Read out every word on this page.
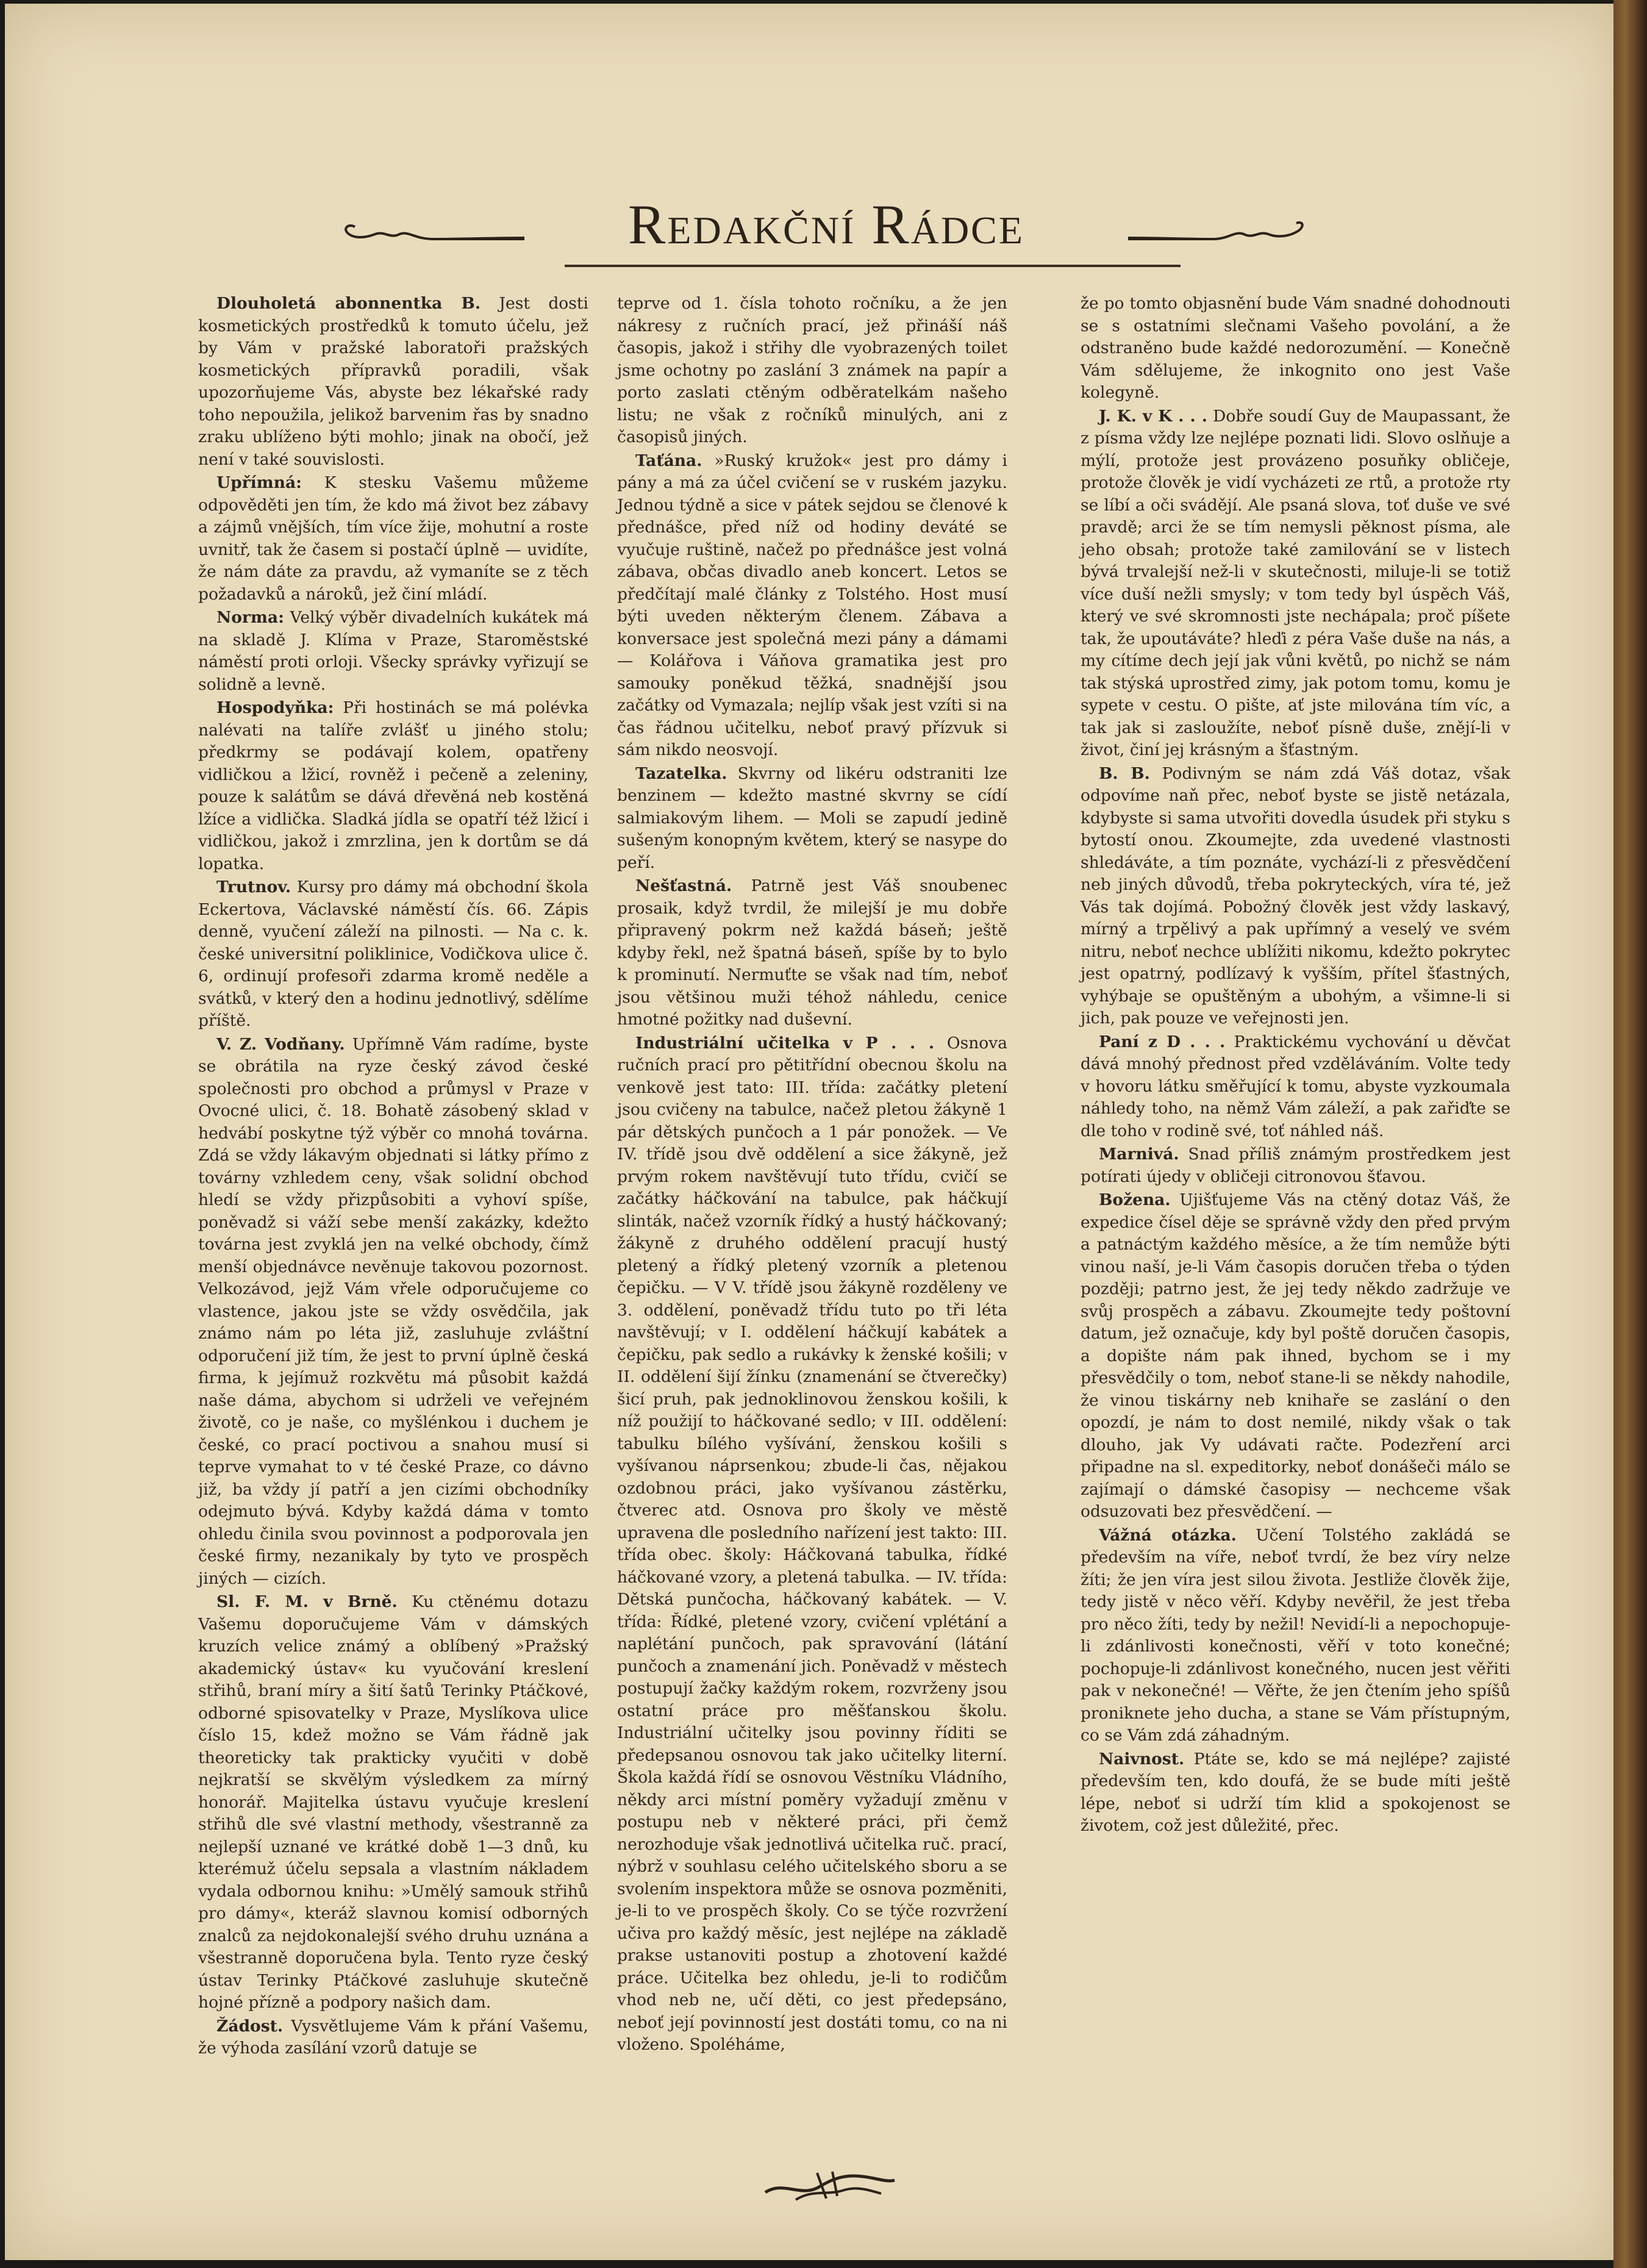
Redakční Rádce

Dlouholetá abonnentka B. Jest dosti kosmetických prostředků k tomuto účelu, jež by Vám v pražské laboratoři pražských kosmetických přípravků poradili, však upozorňujeme Vás, abyste bez lékařské rady toho nepoužila, jelikož barvenim řas by snadno zraku ublíženo býti mohlo; jinak na obočí, jež není v také souvislosti.

Upřímná: K stesku Vašemu můžeme odpověděti jen tím, že kdo má život bez zábavy a zájmů vnějších, tím více žije, mohutní a roste uvnitř, tak že časem si postačí úplně — uvidíte, že nám dáte za pravdu, až vymaníte se z těch požadavků a nároků, jež činí mládí.

Norma: Velký výběr divadelních kukátek má na skladě J. Klíma v Praze, Staroměstské náměstí proti orloji. Všecky správky vyřizují se solidně a levně.

Hospodyňka: Při hostinách se má polévka nalévati na talíře zvlášť u jiného stolu; předkrmy se podávají kolem, opatřeny vidličkou a lžicí, rovněž i pečeně a zeleniny, pouze k salátům se dává dřevěná neb kostěná lžíce a vidlička. Sladká jídla se opatří též lžicí i vidličkou, jakož i zmrzlina, jen k dortům se dá lopatka.

Trutnov. Kursy pro dámy má obchodní škola Eckertova, Václavské náměstí čís. 66. Zápis denně, vyučení záleží na pilnosti. — Na c. k. české universitní poliklinice, Vodičkova ulice č. 6, ordinují profesoři zdarma kromě neděle a svátků, v který den a hodinu jednotlivý, sdělíme příště.

V. Z. Vodňany. Upřímně Vám radíme, byste se obrátila na ryze český závod české společnosti pro obchod a průmysl v Praze v Ovocné ulici, č. 18. Bohatě zásobený sklad v hedvábí poskytne týž výběr co mnohá továrna. Zdá se vždy lákavým objednati si látky přímo z továrny vzhledem ceny, však solidní obchod hledí se vždy přizpůsobiti a vyhoví spíše, poněvadž si váží sebe menší zakázky, kdežto továrna jest zvyklá jen na velké obchody, čímž menší objednávce nevěnuje takovou pozornost. Velkozávod, jejž Vám vřele odporučujeme co vlastence, jakou jste se vždy osvědčila, jak známo nám po léta již, zasluhuje zvláštní odporučení již tím, že jest to první úplně česká firma, k jejímuž rozkvětu má působit každá naše dáma, abychom si udrželi ve veřejném životě, co je naše, co myšlénkou i duchem je české, co prací poctivou a snahou musí si teprve vymahat to v té české Praze, co dávno již, ba vždy jí patří a jen cizími obchodníky odejmuto bývá. Kdyby každá dáma v tomto ohledu činila svou povinnost a podporovala jen české firmy, nezanikaly by tyto ve prospěch jiných — cizích.

Sl. F. M. v Brně. Ku ctěnému dotazu Vašemu doporučujeme Vám v dámských kruzích velice známý a oblíbený »Pražský akademický ústav« ku vyučování kreslení střihů, braní míry a šití šatů Terinky Ptáčkové, odborné spisovatelky v Praze, Myslíkova ulice číslo 15, kdež možno se Vám řádně jak theoreticky tak prakticky vyučiti v době nejkratší se skvělým výsledkem za mírný honorář. Majitelka ústavu vyučuje kreslení střihů dle své vlastní methody, všestranně za nejlepší uznané ve krátké době 1—3 dnů, ku kterémuž účelu sepsala a vlastním nákladem vydala odbornou knihu: »Umělý samouk střihů pro dámy«, kteráž slavnou komisí odborných znalců za nejdokonalejší svého druhu uznána a všestranně doporučena byla. Tento ryze český ústav Terinky Ptáčkové zasluhuje skutečně hojné přízně a podpory našich dam.

Žádost. Vysvětlujeme Vám k přání Vašemu, že výhoda zasílání vzorů datuje se

teprve od 1. čísla tohoto ročníku, a že jen nákresy z ručních prací, jež přináší náš časopis, jakož i střihy dle vyobrazených toilet jsme ochotny po zaslání 3 známek na papír a porto zaslati ctěným odběratelkám našeho listu; ne však z ročníků minulých, ani z časopisů jiných.

Taťána. »Ruský kružok« jest pro dámy i pány a má za účel cvičení se v ruském jazyku. Jednou týdně a sice v pátek sejdou se členové k přednášce, před níž od hodiny deváté se vyučuje ruštině, načež po přednášce jest volná zábava, občas divadlo aneb koncert. Letos se předčítají malé články z Tolstého. Host musí býti uveden některým členem. Zábava a konversace jest společná mezi pány a dámami — Kolářova i Váňova gramatika jest pro samouky poněkud těžká, snadnější jsou začátky od Vymazala; nejlíp však jest vzíti si na čas řádnou učitelku, neboť pravý přízvuk si sám nikdo neosvojí.

Tazatelka. Skvrny od likéru odstraniti lze benzinem — kdežto mastné skvrny se cídí salmiakovým lihem. — Moli se zapudí jedině sušeným konopným květem, který se nasype do peří.

Nešťastná. Patrně jest Váš snoubenec prosaik, když tvrdil, že milejší je mu dobře připravený pokrm než každá báseň; ještě kdyby řekl, než špatná báseň, spíše by to bylo k prominutí. Nermuťte se však nad tím, neboť jsou většinou muži téhož náhledu, cenice hmotné požitky nad duševní.

Industriální učitelka v P . . . Osnova ručních prací pro pětitřídní obecnou školu na venkově jest tato: III. třída: začátky pletení jsou cvičeny na tabulce, načež pletou žákyně 1 pár dětských punčoch a 1 pár ponožek. — Ve IV. třídě jsou dvě oddělení a sice žákyně, jež prvým rokem navštěvují tuto třídu, cvičí se začátky háčkování na tabulce, pak háčkují slinták, načež vzorník řídký a hustý háčkovaný; žákyně z druhého oddělení pracují hustý pletený a řídký pletený vzorník a pletenou čepičku. — V V. třídě jsou žákyně rozděleny ve 3. oddělení, poněvadž třídu tuto po tři léta navštěvují; v I. oddělení háčkují kabátek a čepičku, pak sedlo a rukávky k ženské košili; v II. oddělení šijí žínku (znamenání se čtverečky) šicí pruh, pak jednoklinovou ženskou košili, k níž použijí to háčkované sedlo; v III. oddělení: tabulku bílého vyšívání, ženskou košili s vyšívanou náprsenkou; zbude-li čas, nějakou ozdobnou práci, jako vyšívanou zástěrku, čtverec atd. Osnova pro školy ve městě upravena dle posledního nařízení jest takto: III. třída obec. školy: Háčkovaná tabulka, řídké háčkované vzory, a pletená tabulka. — IV. třída: Dětská punčocha, háčkovaný kabátek. — V. třída: Řídké, pletené vzory, cvičení vplétání a naplétání punčoch, pak spravování (látání punčoch a znamenání jich. Poněvadž v městech postupují žačky každým rokem, rozvrženy jsou ostatní práce pro měšťanskou školu. Industriální učitelky jsou povinny říditi se předepsanou osnovou tak jako učitelky literní. Škola každá řídí se osnovou Věstníku Vládního, někdy arci místní poměry vyžadují změnu v postupu neb v některé práci, při čemž nerozhoduje však jednotlivá učitelka ruč. prací, nýbrž v souhlasu celého učitelského sboru a se svolením inspektora může se osnova pozměniti, je-li to ve prospěch školy. Co se týče rozvržení učiva pro každý měsíc, jest nejlépe na základě prakse ustanoviti postup a zhotovení každé práce. Učitelka bez ohledu, je-li to rodičům vhod neb ne, učí děti, co jest předepsáno, neboť její povinností jest dostáti tomu, co na ni vloženo. Spoléháme,

že po tomto objasnění bude Vám snadné dohodnouti se s ostatními slečnami Vašeho povolání, a že odstraněno bude každé nedorozumění. — Konečně Vám sdělujeme, že inkognito ono jest Vaše kolegyně.

J. K. v K . . . Dobře soudí Guy de Maupassant, že z písma vždy lze nejlépe poznati lidi. Slovo oslňuje a mýlí, protože jest provázeno posuňky obličeje, protože člověk je vidí vycházeti ze rtů, a protože rty se líbí a oči svádějí. Ale psaná slova, toť duše ve své pravdě; arci že se tím nemysli pěknost písma, ale jeho obsah; protože také zamilování se v listech bývá trvalejší než-li v skutečnosti, miluje-li se totiž více duší nežli smysly; v tom tedy byl úspěch Váš, který ve své skromnosti jste nechápala; proč píšete tak, že upoutáváte? hleďi z péra Vaše duše na nás, a my cítíme dech její jak vůni květů, po nichž se nám tak stýská uprostřed zimy, jak potom tomu, komu je sypete v cestu. O pište, ať jste milována tím víc, a tak jak si zasloužíte, neboť písně duše, znějí-li v život, činí jej krásným a šťastným.

B. B. Podivným se nám zdá Váš dotaz, však odpovíme naň přec, neboť byste se jistě netázala, kdybyste si sama utvořiti dovedla úsudek při styku s bytostí onou. Zkoumejte, zda uvedené vlastnosti shledáváte, a tím poznáte, vychází-li z přesvědčení neb jiných důvodů, třeba pokryteckých, víra té, jež Vás tak dojímá. Pobožný člověk jest vždy laskavý, mírný a trpělivý a pak upřímný a veselý ve svém nitru, neboť nechce ublížiti nikomu, kdežto pokrytec jest opatrný, podlízavý k vyšším, přítel šťastných, vyhýbaje se opuštěným a ubohým, a všimne-li si jich, pak pouze ve veřejnosti jen.

Paní z D . . . Praktickému vychování u děvčat dává mnohý přednost před vzděláváním. Volte tedy v hovoru látku směřující k tomu, abyste vyzkoumala náhledy toho, na němž Vám záleží, a pak zařiďte se dle toho v rodině své, toť náhled náš.

Marnivá. Snad příliš známým prostředkem jest potírati újedy v obličeji citronovou šťavou.

Božena. Ujišťujeme Vás na ctěný dotaz Váš, že expedice čísel děje se správně vždy den před prvým a patnáctým každého měsíce, a že tím nemůže býti vinou naší, je-li Vám časopis doručen třeba o týden později; patrno jest, že jej tedy někdo zadržuje ve svůj prospěch a zábavu. Zkoumejte tedy poštovní datum, jež označuje, kdy byl poště doručen časopis, a dopište nám pak ihned, bychom se i my přesvědčily o tom, neboť stane-li se někdy nahodile, že vinou tiskárny neb knihaře se zaslání o den opozdí, je nám to dost nemilé, nikdy však o tak dlouho, jak Vy udávati račte. Podezření arci připadne na sl. expeditorky, neboť donášeči málo se zajímají o dámské časopisy — nechceme však odsuzovati bez přesvědčení. —

Vážná otázka. Učení Tolstého zakládá se především na víře, neboť tvrdí, že bez víry nelze žíti; že jen víra jest silou života. Jestliže člověk žije, tedy jistě v něco věří. Kdyby nevěřil, že jest třeba pro něco žíti, tedy by nežil! Nevidí-li a nepochopuje-li zdánlivosti konečnosti, věří v toto konečné; pochopuje-li zdánlivost konečného, nucen jest věřiti pak v nekonečné! — Věřte, že jen čtením jeho spíšů proniknete jeho ducha, a stane se Vám přístupným, co se Vám zdá záhadným.

Naivnost. Ptáte se, kdo se má nejlépe? zajisté především ten, kdo doufá, že se bude míti ještě lépe, neboť si udrží tím klid a spokojenost se životem, což jest důležité, přec.
